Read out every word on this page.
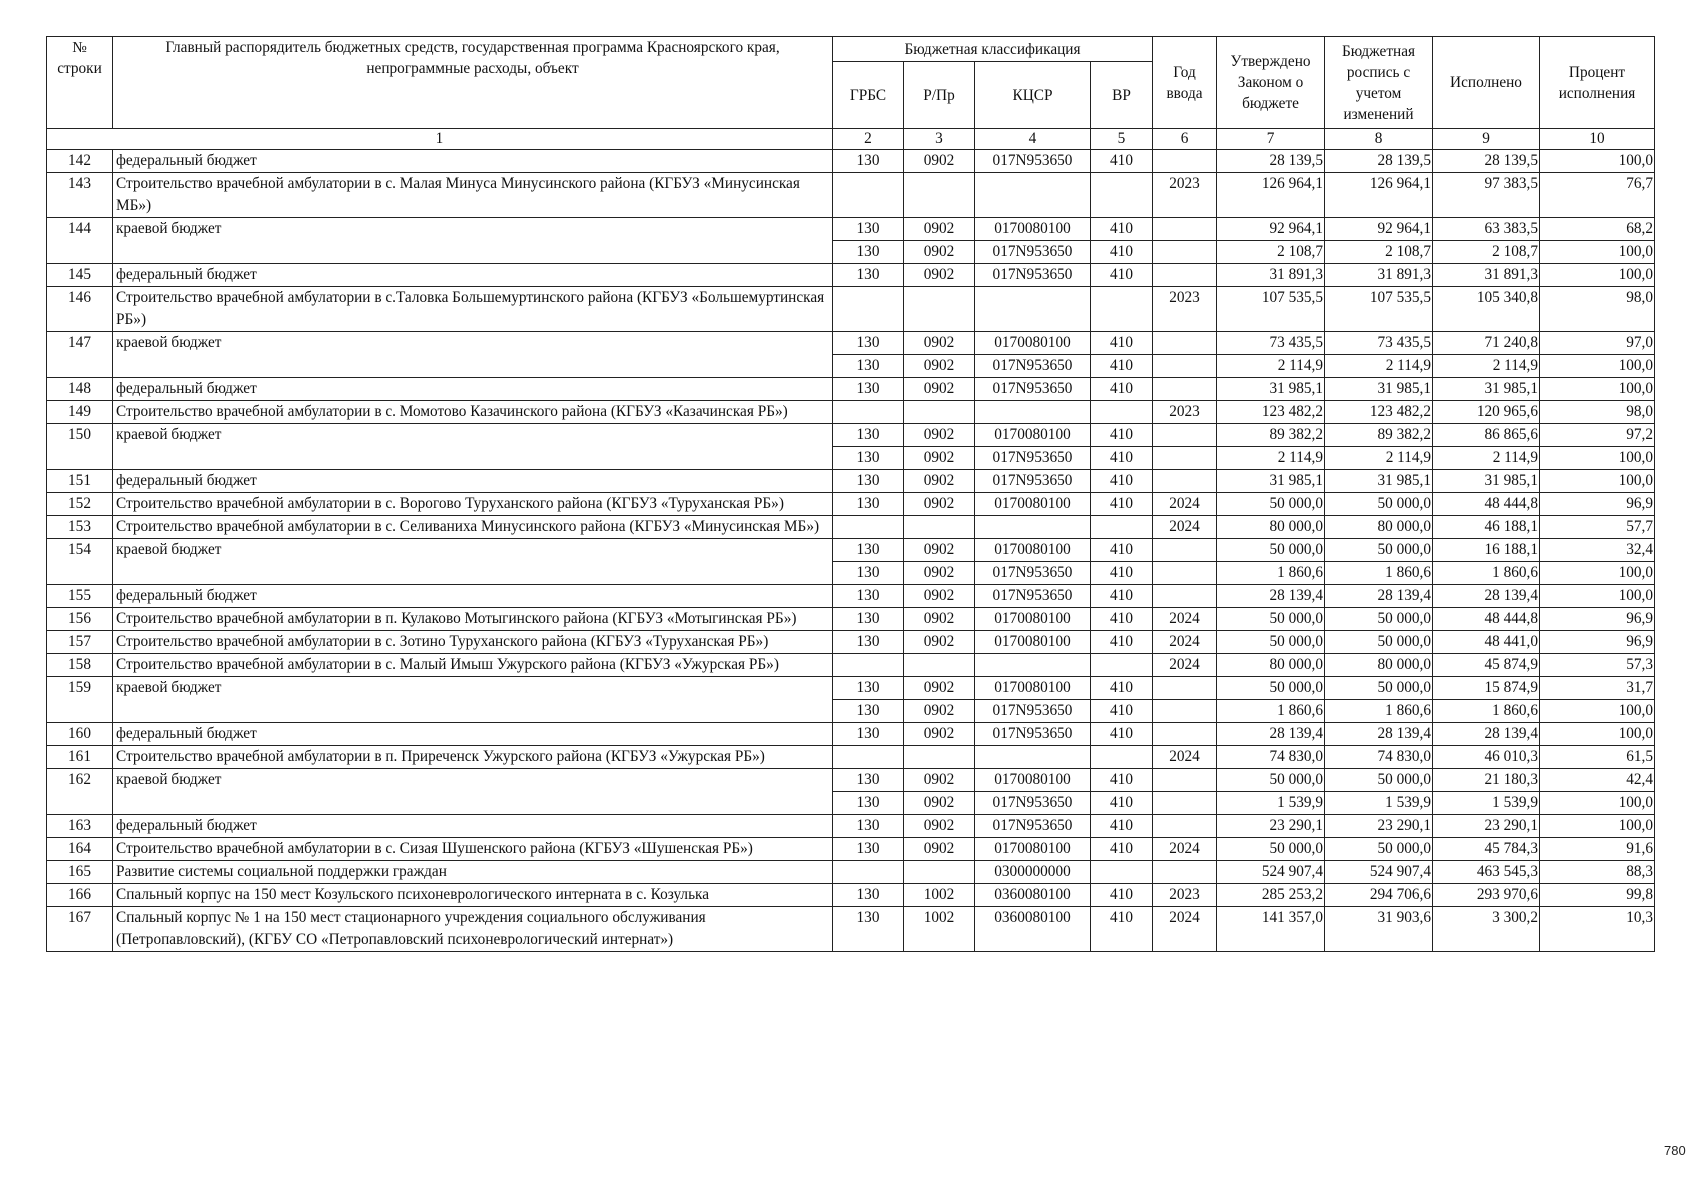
№ строки	Главный распорядитель бюджетных средств, государственная программа Красноярского края, непрограммные расходы, объект	Бюджетная классификация				Год ввода	Утверждено Законом о бюджете	Бюджетная роспись с учетом изменений	Исполнено	Процент исполнения
		ГРБС	Р/Пр	КЦСР	ВР					
1		2	3	4	5	6	7	8	9	10
142	федеральный бюджет	130	0902	017N953650	410		28 139,5	28 139,5	28 139,5	100,0
143	Строительство врачебной амбулатории в с. Малая Минуса Минусинского района (КГБУЗ «Минусинская МБ»)					2023	126 964,1	126 964,1	97 383,5	76,7
144	краевой бюджет	130	0902	0170080100	410		92 964,1	92 964,1	63 383,5	68,2
		130	0902	017N953650	410		2 108,7	2 108,7	2 108,7	100,0
145	федеральный бюджет	130	0902	017N953650	410		31 891,3	31 891,3	31 891,3	100,0
146	Строительство врачебной амбулатории в с.Таловка Большемуртинского района (КГБУЗ «Большемуртинская РБ»)					2023	107 535,5	107 535,5	105 340,8	98,0
147	краевой бюджет	130	0902	0170080100	410		73 435,5	73 435,5	71 240,8	97,0
		130	0902	017N953650	410		2 114,9	2 114,9	2 114,9	100,0
148	федеральный бюджет	130	0902	017N953650	410		31 985,1	31 985,1	31 985,1	100,0
149	Строительство врачебной амбулатории в с. Момотово Казачинского района (КГБУЗ «Казачинская РБ»)					2023	123 482,2	123 482,2	120 965,6	98,0
150	краевой бюджет	130	0902	0170080100	410		89 382,2	89 382,2	86 865,6	97,2
		130	0902	017N953650	410		2 114,9	2 114,9	2 114,9	100,0
151	федеральный бюджет	130	0902	017N953650	410		31 985,1	31 985,1	31 985,1	100,0
152	Строительство врачебной амбулатории в с. Ворогово Туруханского района (КГБУЗ «Туруханская РБ»)	130	0902	0170080100	410	2024	50 000,0	50 000,0	48 444,8	96,9
153	Строительство врачебной амбулатории в с. Селиваниха Минусинского района (КГБУЗ «Минусинская МБ»)					2024	80 000,0	80 000,0	46 188,1	57,7
154	краевой бюджет	130	0902	0170080100	410		50 000,0	50 000,0	16 188,1	32,4
		130	0902	017N953650	410		1 860,6	1 860,6	1 860,6	100,0
155	федеральный бюджет	130	0902	017N953650	410		28 139,4	28 139,4	28 139,4	100,0
156	Строительство врачебной амбулатории в п. Кулаково Мотыгинского района (КГБУЗ «Мотыгинская РБ»)	130	0902	0170080100	410	2024	50 000,0	50 000,0	48 444,8	96,9
157	Строительство врачебной амбулатории в с. Зотино Туруханского района (КГБУЗ «Туруханская РБ»)	130	0902	0170080100	410	2024	50 000,0	50 000,0	48 441,0	96,9
158	Строительство врачебной амбулатории в с. Малый Имыш Ужурского района (КГБУЗ «Ужурская РБ»)					2024	80 000,0	80 000,0	45 874,9	57,3
159	краевой бюджет	130	0902	0170080100	410		50 000,0	50 000,0	15 874,9	31,7
		130	0902	017N953650	410		1 860,6	1 860,6	1 860,6	100,0
160	федеральный бюджет	130	0902	017N953650	410		28 139,4	28 139,4	28 139,4	100,0
161	Строительство врачебной амбулатории в п. Приреченск Ужурского района (КГБУЗ «Ужурская РБ»)					2024	74 830,0	74 830,0	46 010,3	61,5
162	краевой бюджет	130	0902	0170080100	410		50 000,0	50 000,0	21 180,3	42,4
		130	0902	017N953650	410		1 539,9	1 539,9	1 539,9	100,0
163	федеральный бюджет	130	0902	017N953650	410		23 290,1	23 290,1	23 290,1	100,0
164	Строительство врачебной амбулатории в с. Сизая Шушенского района (КГБУЗ «Шушенская РБ»)	130	0902	0170080100	410	2024	50 000,0	50 000,0	45 784,3	91,6
165	Развитие системы социальной поддержки граждан			0300000000			524 907,4	524 907,4	463 545,3	88,3
166	Спальный корпус на 150 мест Козульского психоневрологического интерната в с. Козулька	130	1002	0360080100	410	2023	285 253,2	294 706,6	293 970,6	99,8
167	Спальный корпус № 1 на 150 мест стационарного учреждения социального обслуживания (Петропавловский), (КГБУ СО «Петропавловский психоневрологический интернат»)	130	1002	0360080100	410	2024	141 357,0	31 903,6	3 300,2	10,3
780
